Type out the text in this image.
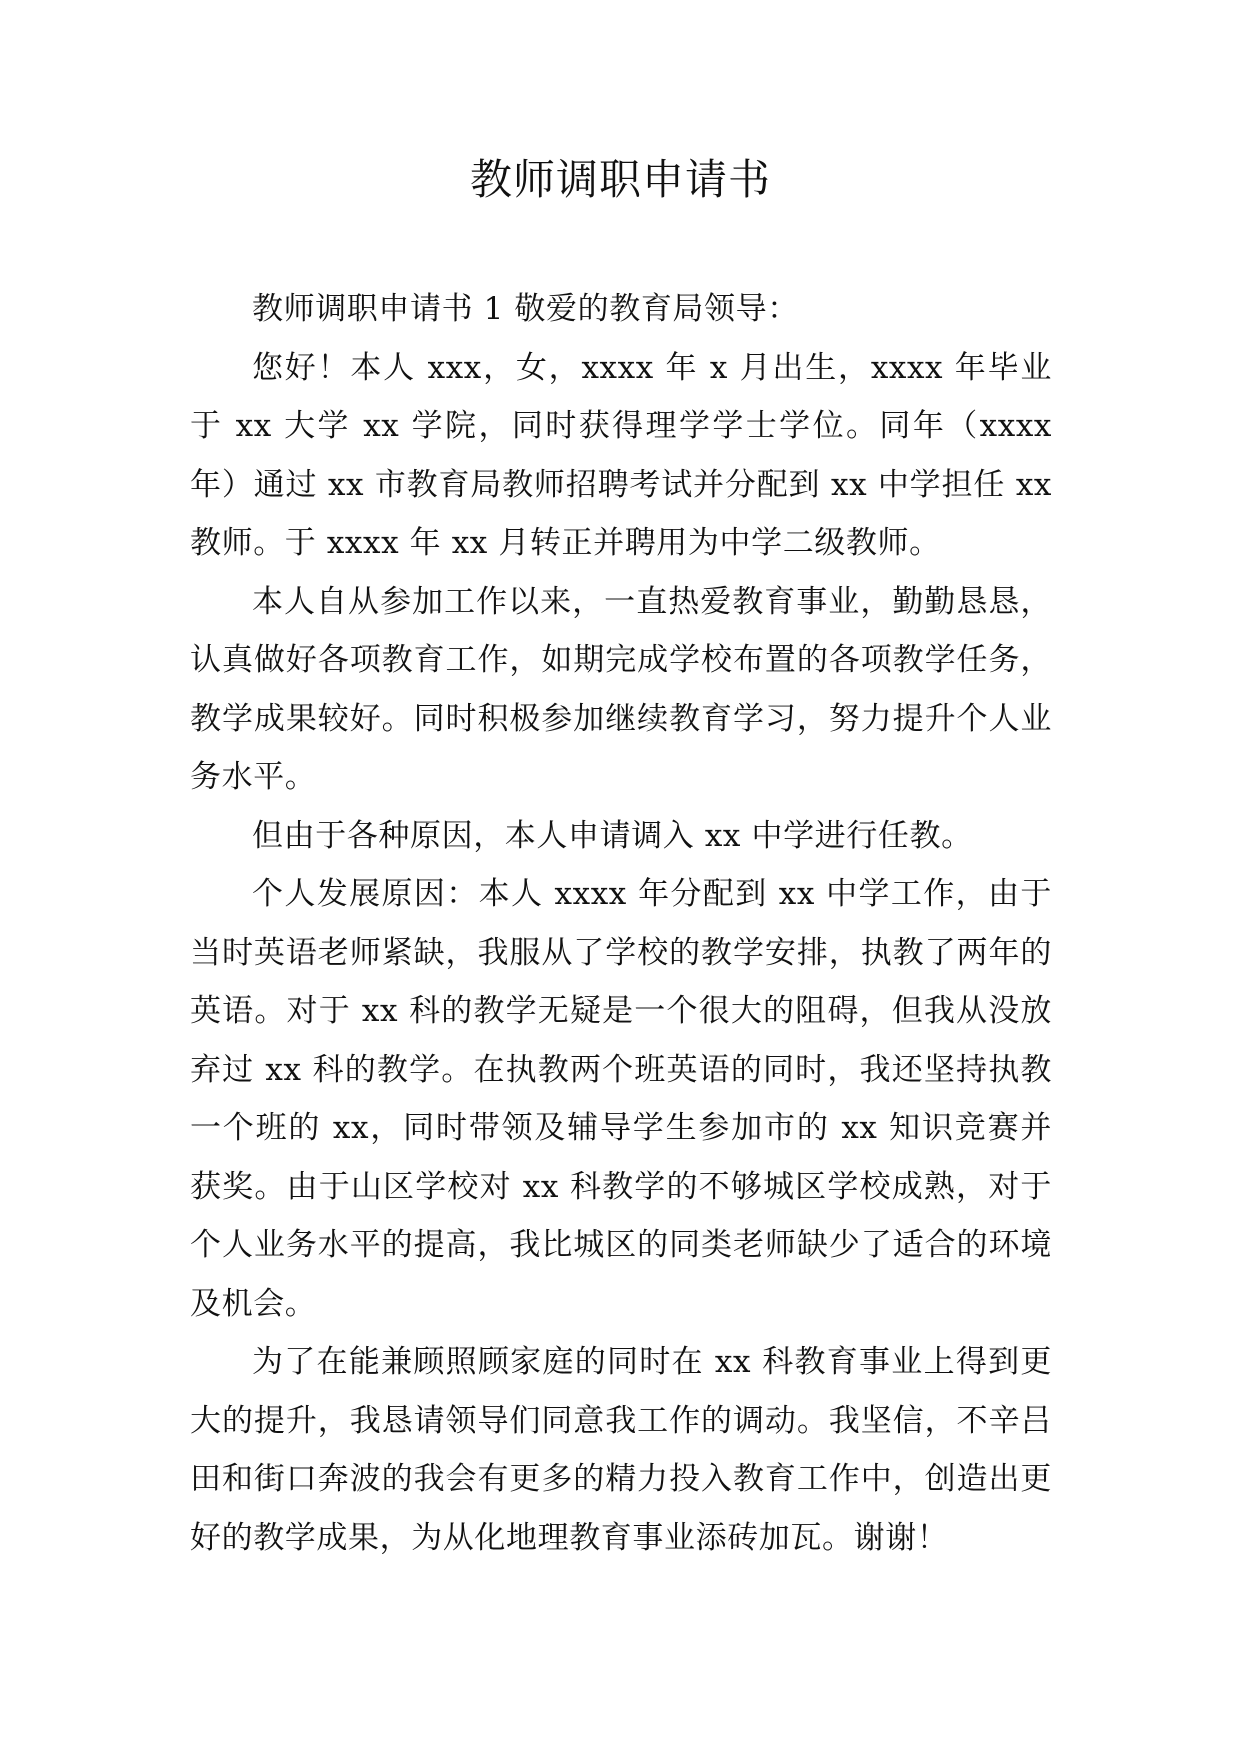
教师调职申请书

教师调职申请书 1 敬爱的教育局领导：

您好！本人 xxx，女，xxxx 年 x 月出生，xxxx 年毕业于 xx 大学 xx 学院，同时获得理学学士学位。同年（xxxx 年）通过 xx 市教育局教师招聘考试并分配到 xx 中学担任 xx 教师。于 xxxx 年 xx 月转正并聘用为中学二级教师。

本人自从参加工作以来，一直热爱教育事业，勤勤恳恳，认真做好各项教育工作，如期完成学校布置的各项教学任务，教学成果较好。同时积极参加继续教育学习，努力提升个人业务水平。

但由于各种原因，本人申请调入 xx 中学进行任教。

个人发展原因：本人 xxxx 年分配到 xx 中学工作，由于当时英语老师紧缺，我服从了学校的教学安排，执教了两年的英语。对于 xx 科的教学无疑是一个很大的阻碍，但我从没放弃过 xx 科的教学。在执教两个班英语的同时，我还坚持执教一个班的 xx，同时带领及辅导学生参加市的 xx 知识竞赛并获奖。由于山区学校对 xx 科教学的不够城区学校成熟，对于个人业务水平的提高，我比城区的同类老师缺少了适合的环境及机会。

为了在能兼顾照顾家庭的同时在 xx 科教育事业上得到更大的提升，我恳请领导们同意我工作的调动。我坚信，不辛吕田和街口奔波的我会有更多的精力投入教育工作中，创造出更好的教学成果，为从化地理教育事业添砖加瓦。谢谢！
